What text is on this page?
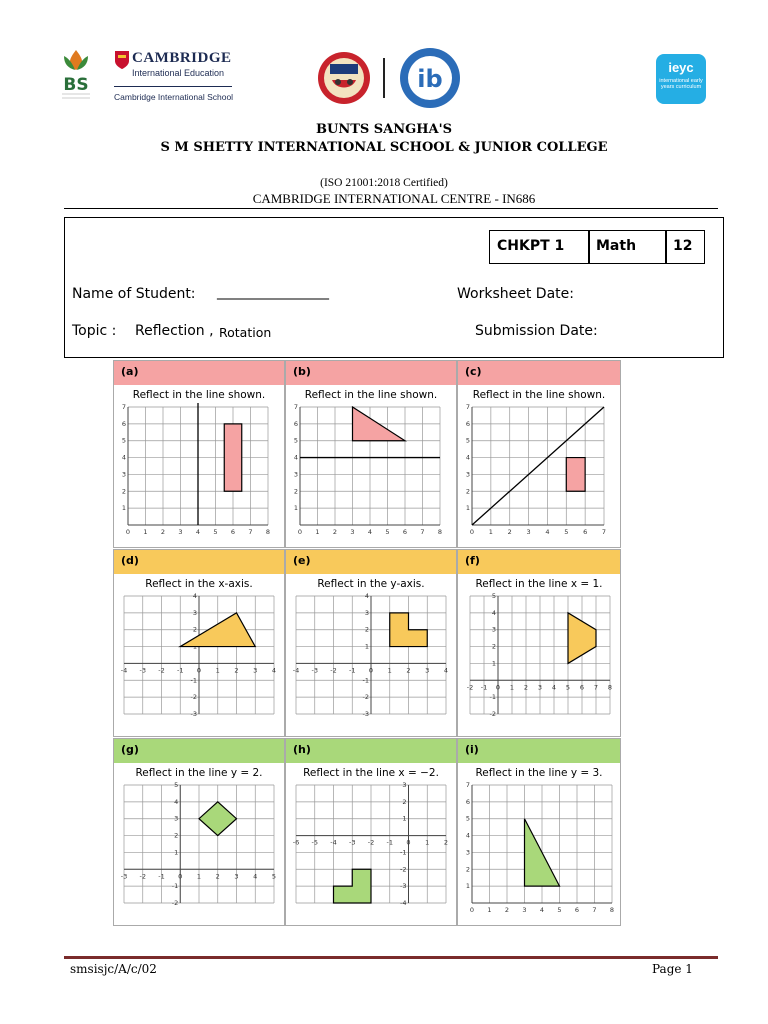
BS
CAMBRIDGE
International Education
Cambridge International School
ib	ieyc
international early years curriculum
BUNTS SANGHA'S
S M SHETTY INTERNATIONAL SCHOOL & JUNIOR COLLEGE
(ISO 21001:2018 Certified)
CAMBRIDGE INTERNATIONAL CENTRE - IN686
CHKPT 1	Math	12
Name of Student: ________________	Worksheet Date:
Topic : Reflection , Rotation	Submission Date:
(a)
Reflect in the line shown.
0 1 2 3 4 5 6 7 8
1
2
3
4
5
6
7
(b)
Reflect in the line shown.
0 1 2 3 4 5 6 7 8
1
2
3
4
5
6
7
(c)
Reflect in the line shown.
0 1 2 3 4 5 6 7
1
2
3
4
5
6
7
(d)
Reflect in the x-axis.
-4 -3 -2 -1 0 1 2 3 4
-3
-2
-1
2
3
4
(e)
Reflect in the y-axis.
-4 -3 -2 -1 0 1 2 3 4
-3
-2
-1
1
2
3
4
(f)
Reflect in the line x = 1.
-2 -1 0 1 2 3 4 5 6 7 8
-2
-1
1
2
3
4
5
(g)
Reflect in the line y = 2.
-3 -2 -1 0 1 2 3 4 5
-2
-1
1
2
3
4
5
(h)
Reflect in the line x = −2.
-6 -5 -4 -3 -2 -1 0 1 2
-4
-3
-2
-1
1
2
3
(i)
Reflect in the line y = 3.
0 1 2 3 4 5 6 7 8
1
2
3
4
5
6
7
smsisjc/A/c/02	Page 1
